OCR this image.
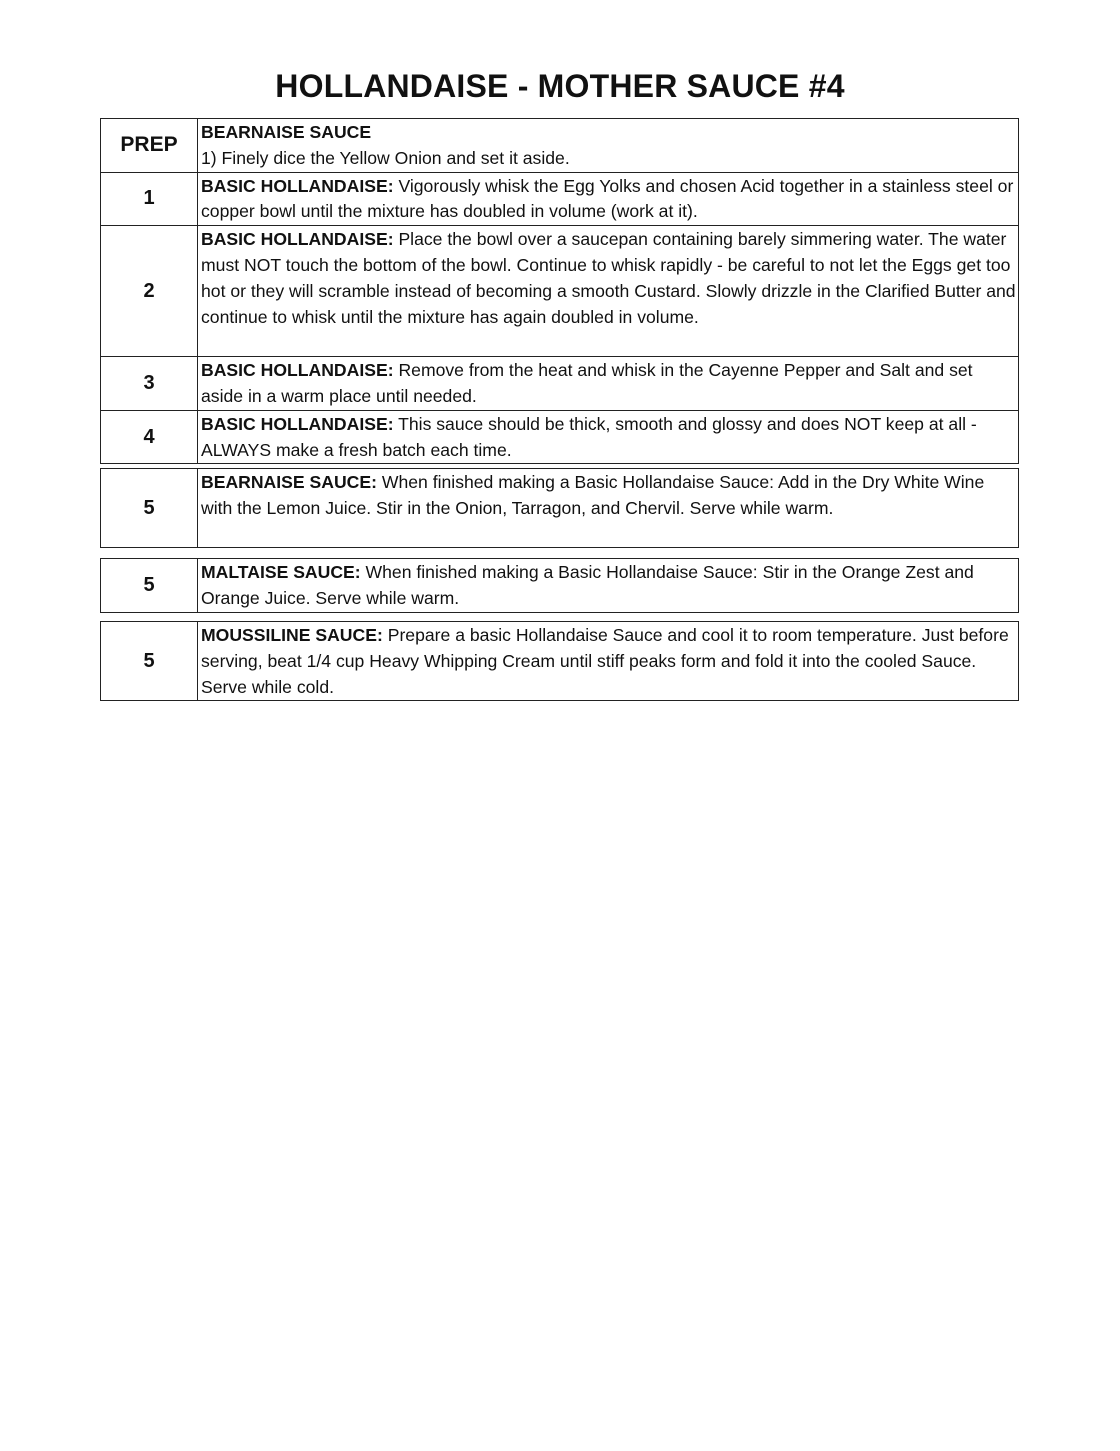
HOLLANDAISE - MOTHER SAUCE #4
PREP	BEARNAISE SAUCE
1) Finely dice the Yellow Onion and set it aside.
1	BASIC HOLLANDAISE: Vigorously whisk the Egg Yolks and chosen Acid together in a stainless steel or copper bowl until the mixture has doubled in volume (work at it).
2	BASIC HOLLANDAISE: Place the bowl over a saucepan containing barely simmering water. The water must NOT touch the bottom of the bowl. Continue to whisk rapidly - be careful to not let the Eggs get too hot or they will scramble instead of becoming a smooth Custard. Slowly drizzle in the Clarified Butter and continue to whisk until the mixture has again doubled in volume.
3	BASIC HOLLANDAISE: Remove from the heat and whisk in the Cayenne Pepper and Salt and set aside in a warm place until needed.
4	BASIC HOLLANDAISE: This sauce should be thick, smooth and glossy and does NOT keep at all - ALWAYS make a fresh batch each time.
5	BEARNAISE SAUCE: When finished making a Basic Hollandaise Sauce: Add in the Dry White Wine with the Lemon Juice. Stir in the Onion, Tarragon, and Chervil. Serve while warm.
5	MALTAISE SAUCE: When finished making a Basic Hollandaise Sauce: Stir in the Orange Zest and Orange Juice. Serve while warm.
5	MOUSSILINE SAUCE: Prepare a basic Hollandaise Sauce and cool it to room temperature. Just before serving, beat 1/4 cup Heavy Whipping Cream until stiff peaks form and fold it into the cooled Sauce. Serve while cold.
